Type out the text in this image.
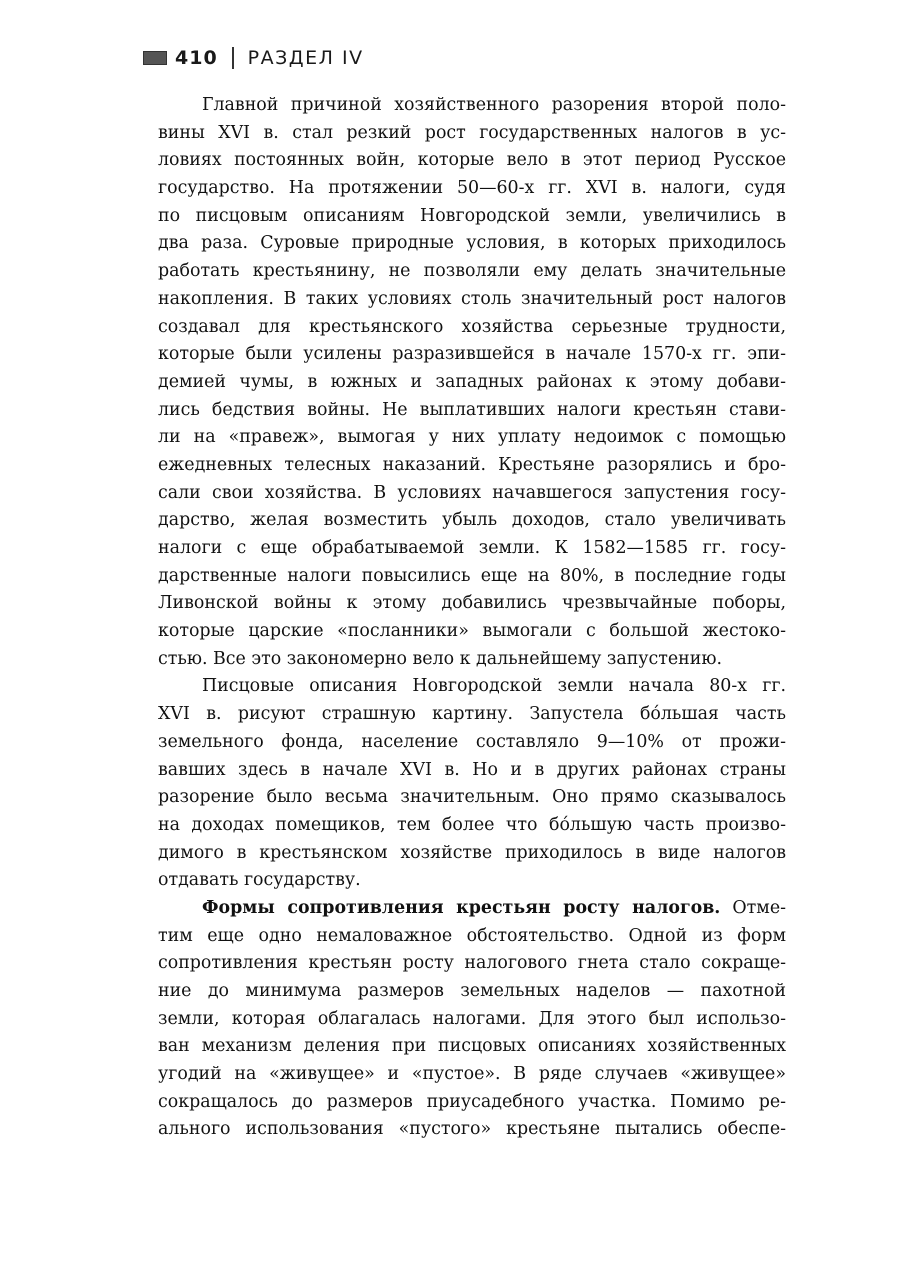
410 РАЗДЕЛ IV
Главной причиной хозяйственного разорения второй поло-
вины XVI в. стал резкий рост государственных налогов в ус-
ловиях постоянных войн, которые вело в этот период Русское
государство. На протяжении 50—60-х гг. XVI в. налоги, судя
по писцовым описаниям Новгородской земли, увеличились в
два раза. Суровые природные условия, в которых приходилось
работать крестьянину, не позволяли ему делать значительные
накопления. В таких условиях столь значительный рост налогов
создавал для крестьянского хозяйства серьезные трудности,
которые были усилены разразившейся в начале 1570-х гг. эпи-
демией чумы, в южных и западных районах к этому добави-
лись бедствия войны. Не выплативших налоги крестьян стави-
ли на «правеж», вымогая у них уплату недоимок с помощью
ежедневных телесных наказаний. Крестьяне разорялись и бро-
сали свои хозяйства. В условиях начавшегося запустения госу-
дарство, желая возместить убыль доходов, стало увеличивать
налоги с еще обрабатываемой земли. К 1582—1585 гг. госу-
дарственные налоги повысились еще на 80%, в последние годы
Ливонской войны к этому добавились чрезвычайные поборы,
которые царские «посланники» вымогали с большой жестоко-
стью. Все это закономерно вело к дальнейшему запустению.
Писцовые описания Новгородской земли начала 80-х гг.
XVI в. рисуют страшную картину. Запустела бóльшая часть
земельного фонда, население составляло 9—10% от прожи-
вавших здесь в начале XVI в. Но и в других районах страны
разорение было весьма значительным. Оно прямо сказывалось
на доходах помещиков, тем более что бóльшую часть произво-
димого в крестьянском хозяйстве приходилось в виде налогов
отдавать государству.
Формы сопротивления крестьян росту налогов. Отме-
тим еще одно немаловажное обстоятельство. Одной из форм
сопротивления крестьян росту налогового гнета стало сокраще-
ние до минимума размеров земельных наделов — пахотной
земли, которая облагалась налогами. Для этого был использо-
ван механизм деления при писцовых описаниях хозяйственных
угодий на «живущее» и «пустое». В ряде случаев «живущее»
сокращалось до размеров приусадебного участка. Помимо ре-
ального использования «пустого» крестьяне пытались обеспе-
